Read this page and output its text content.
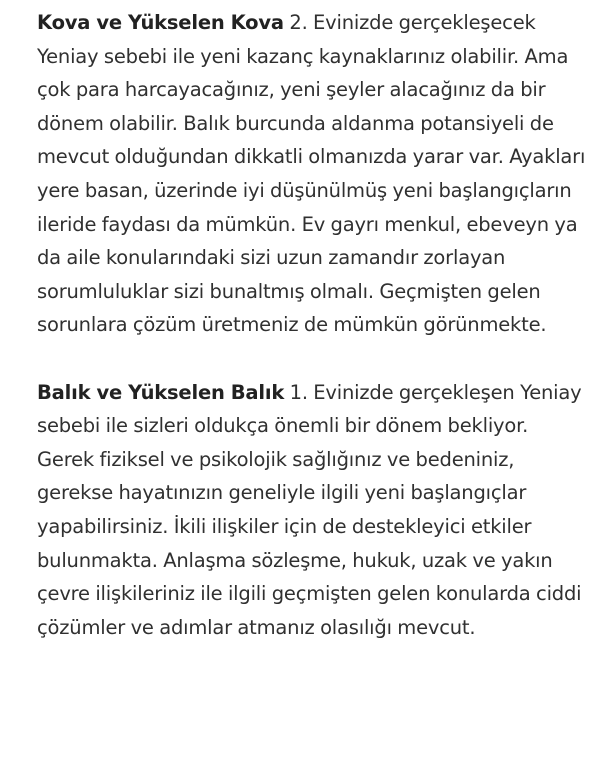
Kova ve Yükselen Kova 2. Evinizde gerçekleşecek Yeniay sebebi ile yeni kazanç kaynaklarınız olabilir. Ama çok para harcayacağınız, yeni şeyler alacağınız da bir dönem olabilir. Balık burcunda aldanma potansiyeli de mevcut olduğundan dikkatli olmanızda yarar var. Ayakları yere basan, üzerinde iyi düşünülmüş yeni başlangıçların ileride faydası da mümkün. Ev gayrı menkul, ebeveyn ya da aile konularındaki sizi uzun zamandır zorlayan sorumluluklar sizi bunaltmış olmalı. Geçmişten gelen sorunlara çözüm üretmeniz de mümkün görünmekte.

Balık ve Yükselen Balık 1. Evinizde gerçekleşen Yeniay sebebi ile sizleri oldukça önemli bir dönem bekliyor. Gerek fiziksel ve psikolojik sağlığınız ve bedeniniz, gerekse hayatınızın geneliyle ilgili yeni başlangıçlar yapabilirsiniz. İkili ilişkiler için de destekleyici etkiler bulunmakta. Anlaşma sözleşme, hukuk, uzak ve yakın çevre ilişkileriniz ile ilgili geçmişten gelen konularda ciddi çözümler ve adımlar atmanız olasılığı mevcut.
